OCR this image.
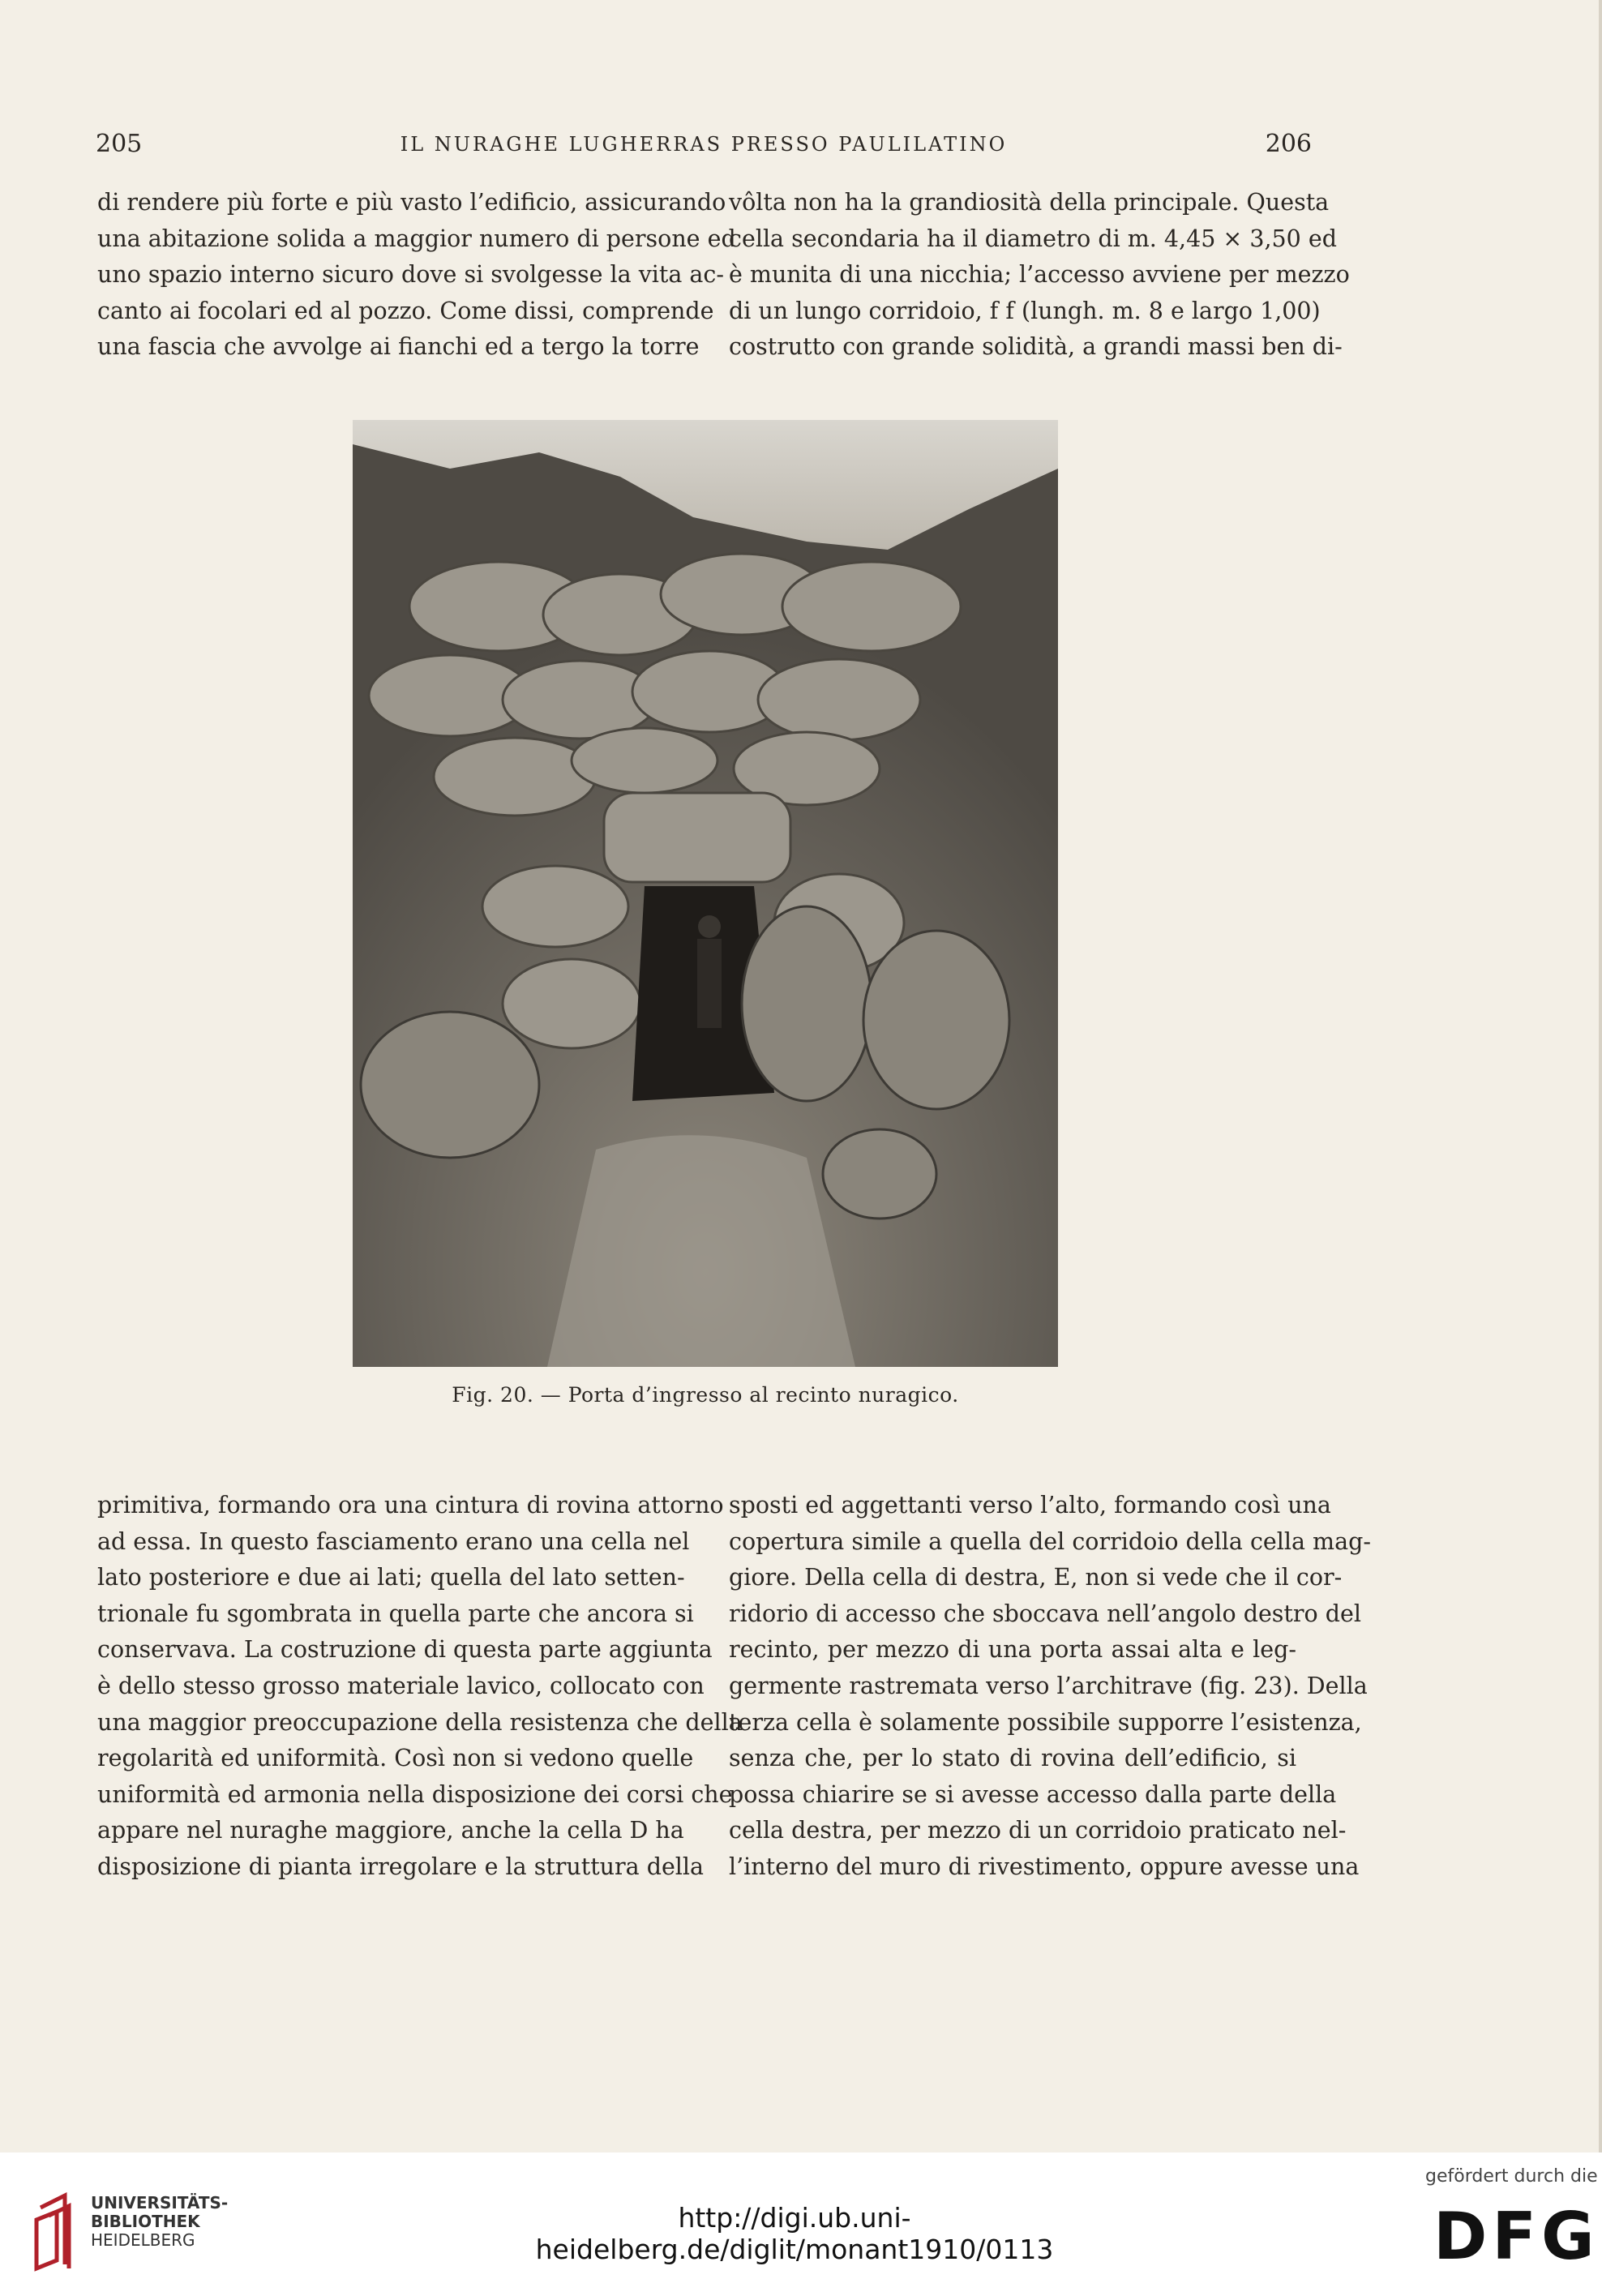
205	IL NURAGHE LUGHERRAS PRESSO PAULILATINO	206
di rendere più forte e più vasto l’edificio, assicurando
una abitazione solida a maggior numero di persone ed
uno spazio interno sicuro dove si svolgesse la vita ac-
canto ai focolari ed al pozzo. Come dissi, comprende
una fascia che avvolge ai fianchi ed a tergo la torre
vôlta non ha la grandiosità della principale. Questa
cella secondaria ha il diametro di m. 4,45 × 3,50 ed
è munita di una nicchia; l’accesso avviene per mezzo
di un lungo corridoio, f f (lungh. m. 8 e largo 1,00)
costrutto con grande solidità, a grandi massi ben di-
Fig. 20. — Porta d’ingresso al recinto nuragico.
primitiva, formando ora una cintura di rovina attorno
ad essa. In questo fasciamento erano una cella nel
lato posteriore e due ai lati; quella del lato setten-
trionale fu sgombrata in quella parte che ancora si
conservava. La costruzione di questa parte aggiunta
è dello stesso grosso materiale lavico, collocato con
una maggior preoccupazione della resistenza che della
regolarità ed uniformità. Così non si vedono quelle
uniformità ed armonia nella disposizione dei corsi che
appare nel nuraghe maggiore, anche la cella D ha
disposizione di pianta irregolare e la struttura della
sposti ed aggettanti verso l’alto, formando così una
copertura simile a quella del corridoio della cella mag-
giore. Della cella di destra, E, non si vede che il cor-
ridorio di accesso che sboccava nell’angolo destro del
recinto, per mezzo di una porta assai alta e leg-
germente rastremata verso l’architrave (fig. 23). Della
terza cella è solamente possibile supporre l’esistenza,
senza che, per lo stato di rovina dell’edificio, si
possa chiarire se si avesse accesso dalla parte della
cella destra, per mezzo di un corridoio praticato nel-
l’interno del muro di rivestimento, oppure avesse una
UNIVERSITÄTS-
BIBLIOTHEK
HEIDELBERG
http://digi.ub.uni-heidelberg.de/diglit/monant1910/0113
gefördert durch die
DFG
